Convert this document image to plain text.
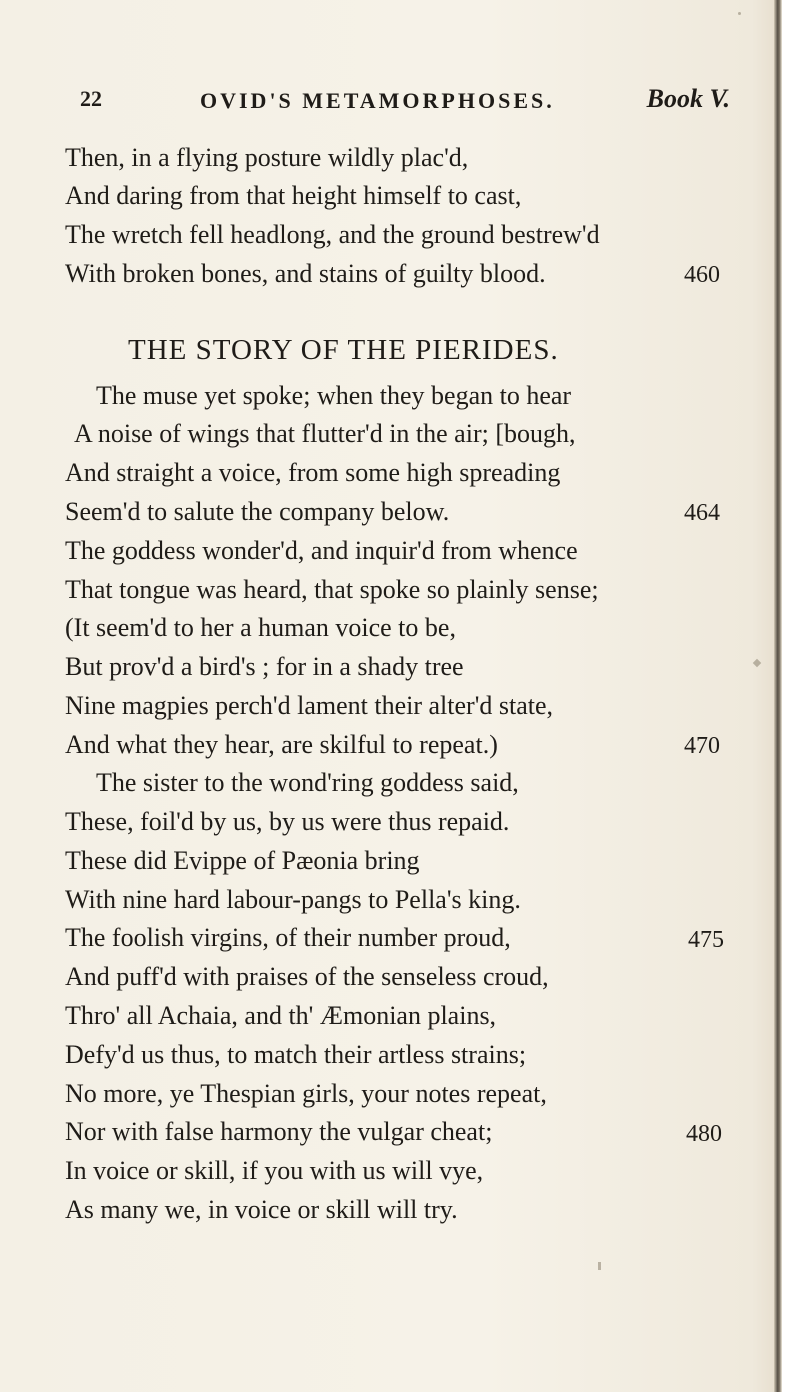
22	OVID'S METAMORPHOSES.	Book V.
Then, in a flying posture wildly plac'd,
And daring from that height himself to cast,
The wretch fell headlong, and the ground bestrew'd
With broken bones, and stains of guilty blood.	460
THE STORY OF THE PIERIDES.
The muse yet spoke; when they began to hear
A noise of wings that flutter'd in the air; [bough,
And straight a voice, from some high spreading
Seem'd to salute the company below.	464
The goddess wonder'd, and inquir'd from whence
That tongue was heard, that spoke so plainly sense;
(It seem'd to her a human voice to be,
But prov'd a bird's ; for in a shady tree
Nine magpies perch'd lament their alter'd state,
And what they hear, are skilful to repeat.)	470
The sister to the wond'ring goddess said,
These, foil'd by us, by us were thus repaid.
These did Evippe of Pæonia bring
With nine hard labour-pangs to Pella's king.
The foolish virgins, of their number proud,	475
And puff'd with praises of the senseless croud,
Thro' all Achaia, and th' Æmonian plains,
Defy'd us thus, to match their artless strains;
No more, ye Thespian girls, your notes repeat,
Nor with false harmony the vulgar cheat;	480
In voice or skill, if you with us will vye,
As many we, in voice or skill will try.
